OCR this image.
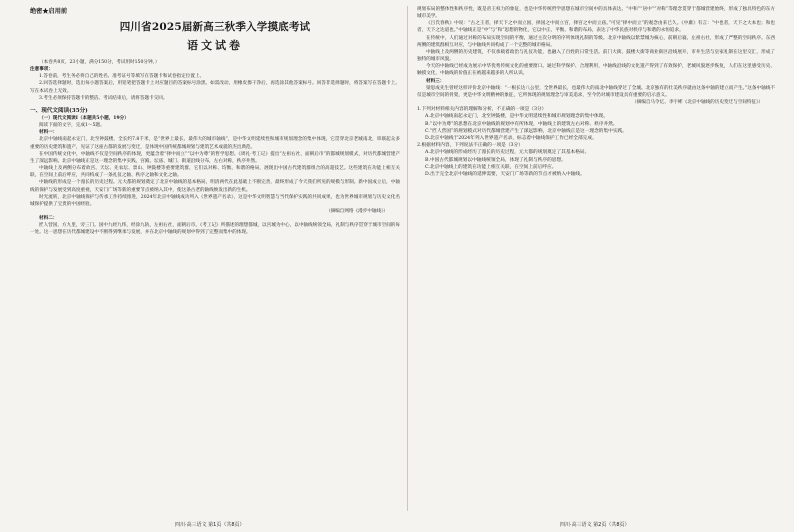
绝密★启用前
四川省2025届新高三秋季入学摸底考试
语文试卷

（本卷共8页，23小题，满分150分，考试用时150分钟。）

注意事项：

1.答卷前，考生务必将自己的姓名、准考证号等填写在答题卡和试卷指定位置上。

2.回答选择题时，选出每小题答案后，用铅笔把答题卡上对应题目的答案标号涂黑。如需改动，用橡皮擦干净后，再选涂其他答案标号。回答非选择题时，将答案写在答题卡上。写在本试卷上无效。

3.考生必须保持答题卡的整洁。考试结束后，请将答题卡交回。

一、现代文阅读(35分)

（一）现代文阅读Ⅰ（本题共5小题，19分）

阅读下面的文字，完成1～5题。

材料一：

北京中轴线南起永定门，北至钟鼓楼，全长约7.8千米，是“世界上最长、最伟大的城市轴线”，是中华文明延续性和城市规划理念的集中体现。它贯穿北京老城南北，串联起众多重要的历史建筑和遗产，见证了这座古都的发展与变迁，是体现中国传统都城规划与建筑艺术成就的杰出典范。

在中国传统文化中，中轴线不仅是空间秩序的体现，更蕴含着“择中而立”“以中为尊”的哲学思想。《周礼·考工记》提出“左祖右社，面朝后市”的都城规划模式，对历代都城营建产生了深远影响。北京中轴线正是这一理念的集中实践，宫殿、坛庙、城门、街道沿线分布，左右对称，秩序井然。

中轴线上及两侧分布着故宫、天坛、先农坛、景山、钟鼓楼等重要建筑群，它们以对称、均衡、和谐的格局，展现出中国古代建筑群组合的高超技艺。这些建筑在功能上相互关联，在空间上前后呼应，共同构成了一条礼仪之轴、秩序之轴和文化之轴。

中轴线的形成是一个漫长的历史过程。元大都的规划奠定了北京中轴线的基本格局，明清两代在此基础上不断完善，最终形成了今天我们所见的规模与形制。新中国成立后，中轴线的保护与发展受到高度重视，天安门广场等新的重要节点被纳入其中，使这条古老的轴线焕发出新的生机。

时光流转，北京中轴线保护与传承工作持续推进，2024年北京中轴线成功列入《世界遗产名录》，这是中华文明智慧与当代保护实践的共同成果，也为世界城市规划与历史文化名城保护提供了宝贵的中国经验。

（摘编自网络《漫步中轴线》）

材料二：

匠人营国，方九里，旁三门。国中九经九纬，经涂九轨，左祖右社，面朝后市。《考工记》所描述的理想都城，以宫城为中心，以中轴线统领全局，礼制与秩序贯穿于城市空间的每一处。这一思想在历代都城建设中不断得到继承与发展，并在北京中轴线的规划中得到了完整而集中的体现。

规划布局的整体性和秩序性，既是帝王权力的象征，也是中华传统哲学思想在城市空间中的具体表达。“中和”“居中”“对称”等理念贯穿于都城营建始终，形成了独具特色的东方城市美学。

《吕氏春秋》中说：“古之王者，择天下之中而立国，择国之中而立宫，择宫之中而立庙。”可见“择中而立”的观念由来已久。《中庸》有言：“中也者，天下之大本也；和也者，天下之达道也。”中轴线正是“中”与“和”思想的物化，它以中正、平衡、和谐的布局，表达了中华民族对秩序与和谐的永恒追求。

在传统中，人们通过对称的布局实现空间的平衡，通过主次分明的序列体现礼制的等级。北京中轴线以紫禁城为核心，前朝后寝、左祖右社，形成了严整的空间秩序。东西两侧的建筑群相互对应，与中轴线共同构成了一个完整的城市格局。

中轴线上及两侧的历史建筑，不仅承载着政治与礼仪功能，也融入了百姓的日常生活。前门大街、鼓楼大街等商业街区沿线展开，市井生活与皇家礼制在这里交汇，形成了独特的城市风貌。

今天的中轴线已经成为展示中华优秀传统文化的重要窗口。通过科学保护、合理利用，中轴线沿线的文化遗产得到了有效保护，老城风貌逐步恢复，人们在这里感受历史、触摸文化，中轴线的价值正在被越来越多的人所认识。

材料三：

梁思成先生曾经这样评价北京中轴线：“一根长达八公里，全世界最长，也最伟大的南北中轴线穿过了全城。北京独有的壮美秩序就由这条中轴的建立而产生。”这条中轴线不仅是城市空间的骨架，更是中华文明精神的象征，它所体现的规划理念与审美追求，至今仍对城市建设具有重要的启示意义。

（摘编自马令亿、李宇彬《北京中轴线的历史变迁与空间特征》）

1.下列对材料相关内容的理解和分析，不正确的一项是（3分）

A.北京中轴线南起永定门，北至钟鼓楼，是中华文明延续性和城市规划理念的集中体现。

B.“以中为尊”的思想在北京中轴线的规划中有所体现，中轴线上的建筑左右对称、秩序井然。

C.“匠人营国”的规划模式对历代都城营建产生了深远影响，北京中轴线正是这一理念的集中实践。

D.北京中轴线于2024年列入世界遗产名录，标志着中轴线保护工作已经全部完成。

2.根据材料内容，下列说法不正确的一项是（3分）

A.北京中轴线的形成经历了漫长的历史过程，元大都的规划奠定了其基本格局。

B.中国古代都城规划以中轴线统领全局，体现了礼制与秩序的思想。

C.北京中轴线上的建筑在功能上相互关联，在空间上前后呼应。

D.出于完全北京中轴线的延伸需要，天安门广场等新的节点才被纳入中轴线。

四川·高三语文 第1页（共8页）	四川·高三语文 第2页（共8页）
